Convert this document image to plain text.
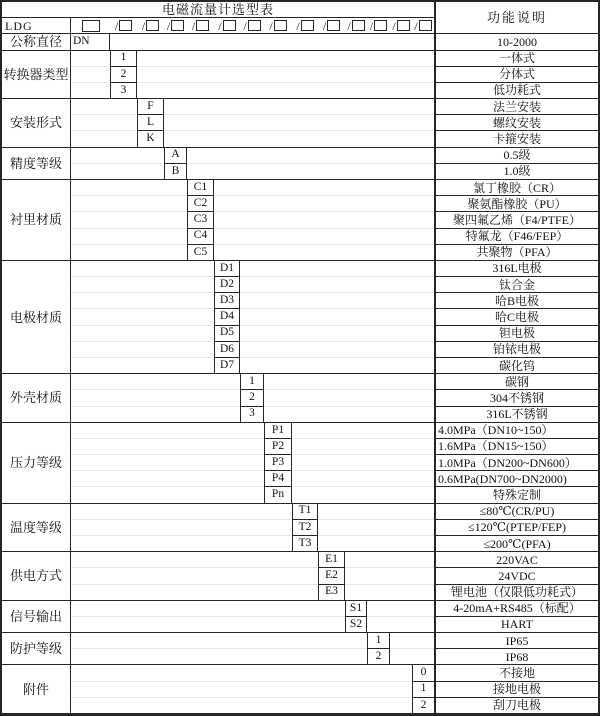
电磁流量计选型表
功能说明
LDG	/ / / / / / / / / / / / /
公称直径 DN	10-2000
转换器类型
1	一体式
2	分体式
3	低功耗式
安装形式
F	法兰安装
L	螺纹安装
K	卡箍安装
精度等级
A	0.5级
B	1.0级
衬里材质
C1	氯丁橡胶（CR）
C2	聚氨酯橡胶（PU）
C3	聚四氟乙烯（F4/PTFE）
C4	特氟龙（F46/FEP）
C5	共聚物（PFA）
电极材质
D1	316L电极
D2	钛合金
D3	哈B电极
D4	哈C电极
D5	钽电极
D6	铂铱电极
D7	碳化钨
外壳材质
1	碳钢
2	304不锈钢
3	316L不锈钢
压力等级
P1	4.0MPa（DN10~150）
P2	1.6MPa（DN15~150）
P3	1.0MPa（DN200~DN600）
P4	0.6MPa(DN700~DN2000)
Pn	特殊定制
温度等级
T1	≤80℃(CR/PU)
T2	≤120℃(PTEP/FEP)
T3	≤200℃(PFA)
供电方式
E1	220VAC
E2	24VDC
E3	锂电池（仅限低功耗式）
信号输出
S1	4-20mA+RS485（标配）
S2	HART
防护等级
1	IP65
2	IP68
附件
0	不接地
1	接地电极
2	刮刀电极
